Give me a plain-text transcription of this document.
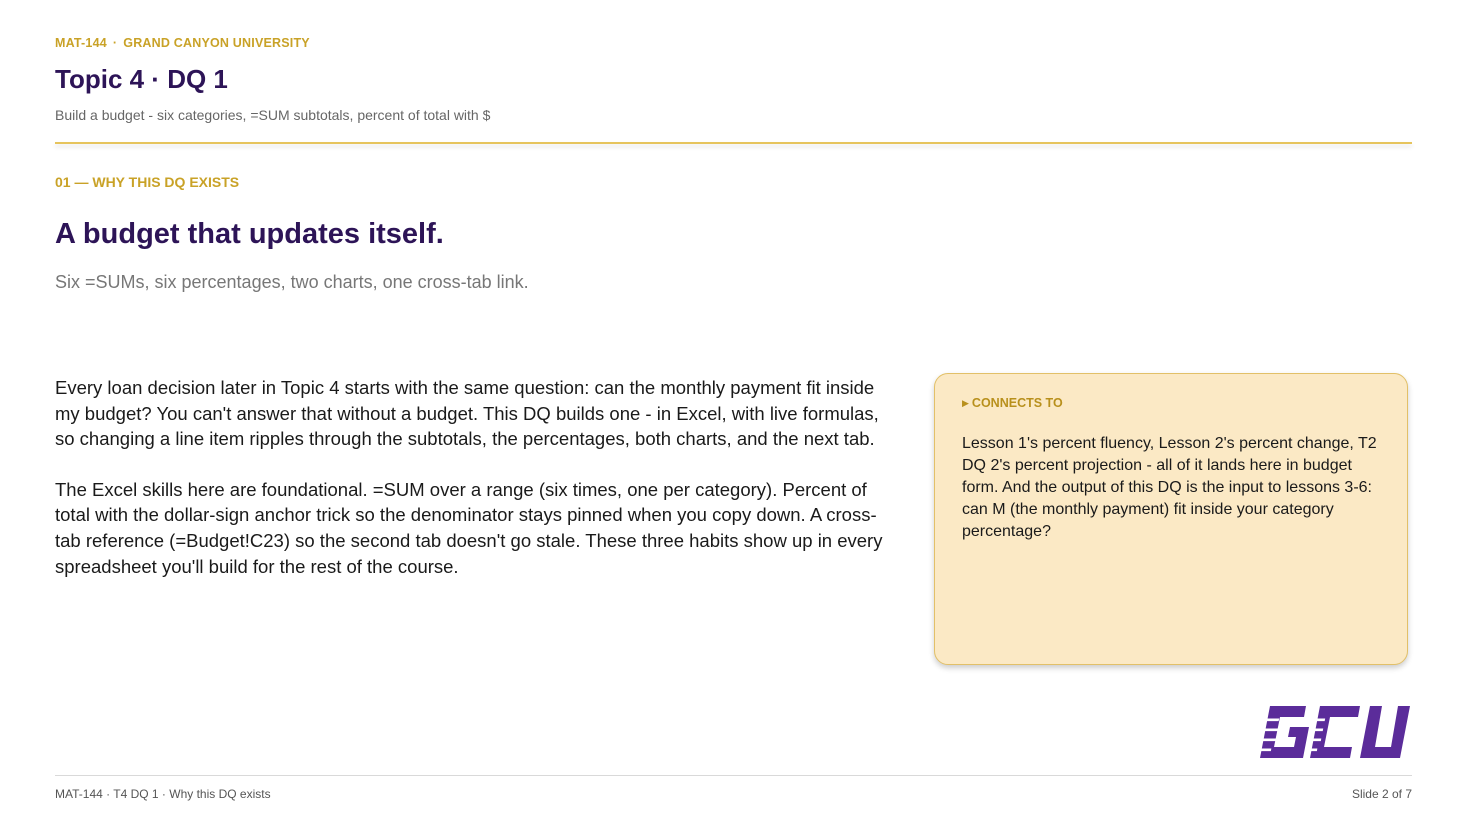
MAT-144 · GRAND CANYON UNIVERSITY
Topic 4 · DQ 1
Build a budget - six categories, =SUM subtotals, percent of total with $
01 — WHY THIS DQ EXISTS
A budget that updates itself.
Six =SUMs, six percentages, two charts, one cross-tab link.

Every loan decision later in Topic 4 starts with the same question: can the monthly payment fit inside my budget? You can't answer that without a budget. This DQ builds one - in Excel, with live formulas, so changing a line item ripples through the subtotals, the percentages, both charts, and the next tab.

The Excel skills here are foundational. =SUM over a range (six times, one per category). Percent of total with the dollar-sign anchor trick so the denominator stays pinned when you copy down. A cross-tab reference (=Budget!C23) so the second tab doesn't go stale. These three habits show up in every spreadsheet you'll build for the rest of the course.

▶ CONNECTS TO
Lesson 1's percent fluency, Lesson 2's percent change, T2 DQ 2's percent projection - all of it lands here in budget form. And the output of this DQ is the input to lessons 3-6: can M (the monthly payment) fit inside your category percentage?
MAT-144 · T4 DQ 1 · Why this DQ exists	Slide 2 of 7
